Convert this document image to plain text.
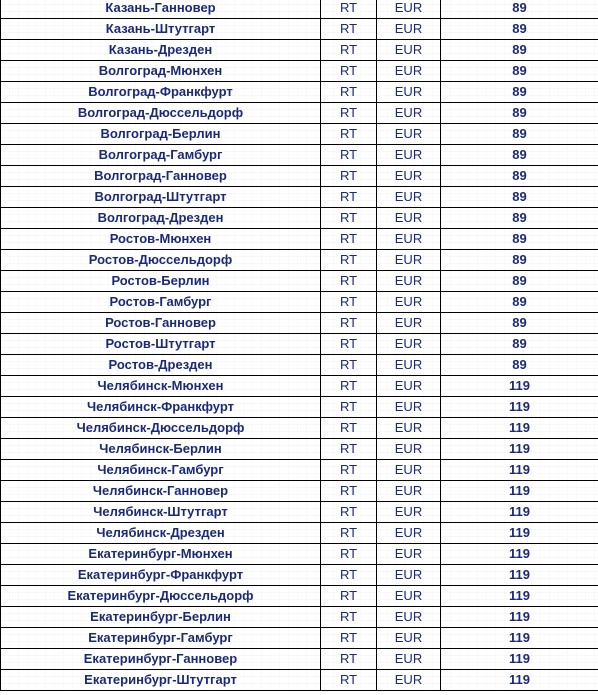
Казань-Ганновер	RT	EUR	89
Казань-Штутгарт	RT	EUR	89
Казань-Дрезден	RT	EUR	89
Волгоград-Мюнхен	RT	EUR	89
Волгоград-Франкфурт	RT	EUR	89
Волгоград-Дюссельдорф	RT	EUR	89
Волгоград-Берлин	RT	EUR	89
Волгоград-Гамбург	RT	EUR	89
Волгоград-Ганновер	RT	EUR	89
Волгоград-Штутгарт	RT	EUR	89
Волгоград-Дрезден	RT	EUR	89
Ростов-Мюнхен	RT	EUR	89
Ростов-Дюссельдорф	RT	EUR	89
Ростов-Берлин	RT	EUR	89
Ростов-Гамбург	RT	EUR	89
Ростов-Ганновер	RT	EUR	89
Ростов-Штутгарт	RT	EUR	89
Ростов-Дрезден	RT	EUR	89
Челябинск-Мюнхен	RT	EUR	119
Челябинск-Франкфурт	RT	EUR	119
Челябинск-Дюссельдорф	RT	EUR	119
Челябинск-Берлин	RT	EUR	119
Челябинск-Гамбург	RT	EUR	119
Челябинск-Ганновер	RT	EUR	119
Челябинск-Штутгарт	RT	EUR	119
Челябинск-Дрезден	RT	EUR	119
Екатеринбург-Мюнхен	RT	EUR	119
Екатеринбург-Франкфурт	RT	EUR	119
Екатеринбург-Дюссельдорф	RT	EUR	119
Екатеринбург-Берлин	RT	EUR	119
Екатеринбург-Гамбург	RT	EUR	119
Екатеринбург-Ганновер	RT	EUR	119
Екатеринбург-Штутгарт	RT	EUR	119
